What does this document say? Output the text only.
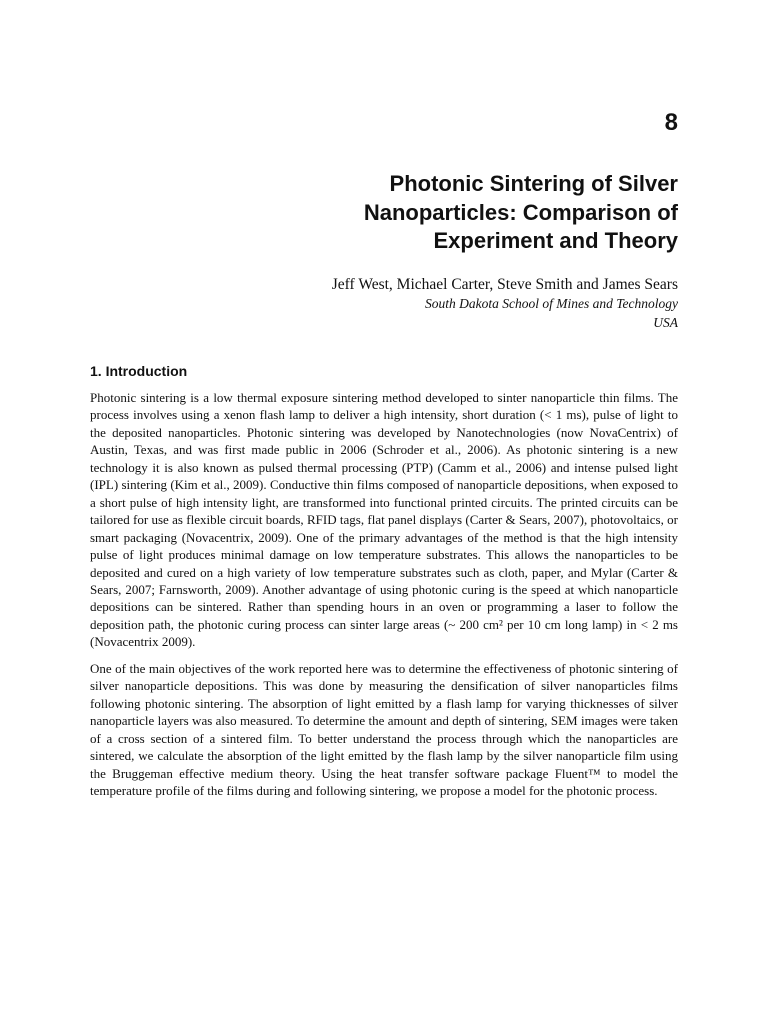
8
Photonic Sintering of Silver
Nanoparticles: Comparison of
Experiment and Theory
Jeff West, Michael Carter, Steve Smith and James Sears
South Dakota School of Mines and Technology
USA
1. Introduction

Photonic sintering is a low thermal exposure sintering method developed to sinter nanoparticle thin films. The process involves using a xenon flash lamp to deliver a high intensity, short duration (< 1 ms), pulse of light to the deposited nanoparticles. Photonic sintering was developed by Nanotechnologies (now NovaCentrix) of Austin, Texas, and was first made public in 2006 (Schroder et al., 2006). As photonic sintering is a new technology it is also known as pulsed thermal processing (PTP) (Camm et al., 2006) and intense pulsed light (IPL) sintering (Kim et al., 2009). Conductive thin films composed of nanoparticle depositions, when exposed to a short pulse of high intensity light, are transformed into functional printed circuits. The printed circuits can be tailored for use as flexible circuit boards, RFID tags, flat panel displays (Carter & Sears, 2007), photovoltaics, or smart packaging (Novacentrix, 2009). One of the primary advantages of the method is that the high intensity pulse of light produces minimal damage on low temperature substrates. This allows the nanoparticles to be deposited and cured on a high variety of low temperature substrates such as cloth, paper, and Mylar (Carter & Sears, 2007; Farnsworth, 2009). Another advantage of using photonic curing is the speed at which nanoparticle depositions can be sintered. Rather than spending hours in an oven or programming a laser to follow the deposition path, the photonic curing process can sinter large areas (~ 200 cm² per 10 cm long lamp) in < 2 ms (Novacentrix 2009).

One of the main objectives of the work reported here was to determine the effectiveness of photonic sintering of silver nanoparticle depositions. This was done by measuring the densification of silver nanoparticles films following photonic sintering. The absorption of light emitted by a flash lamp for varying thicknesses of silver nanoparticle layers was also measured. To determine the amount and depth of sintering, SEM images were taken of a cross section of a sintered film. To better understand the process through which the nanoparticles are sintered, we calculate the absorption of the light emitted by the flash lamp by the silver nanoparticle film using the Bruggeman effective medium theory. Using the heat transfer software package Fluent™ to model the temperature profile of the films during and following sintering, we propose a model for the photonic process.
